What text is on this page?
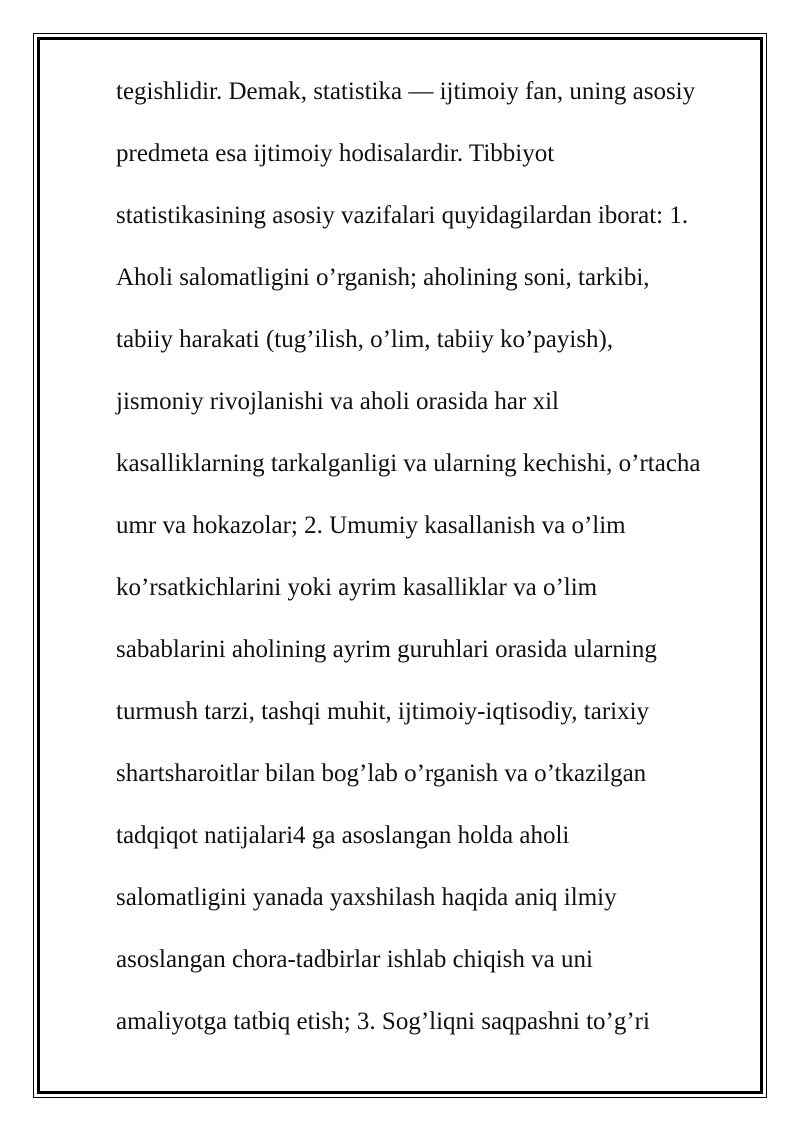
tegishlidir. Demak, statistika — ijtimoiy fan, uning asosiy
predmeta esa ijtimoiy hodisalardir. Tibbiyot
statistikasining asosiy vazifalari quyidagilardan iborat: 1.
Aholi salomatligini o’rganish; aholining soni, tarkibi,
tabiiy harakati (tug’ilish, o’lim, tabiiy ko’payish),
jismoniy rivojlanishi va aholi orasida har xil
kasalliklarning tarkalganligi va ularning kechishi, o’rtacha
umr va hokazolar; 2. Umumiy kasallanish va o’lim
ko’rsatkichlarini yoki ayrim kasalliklar va o’lim
sabablarini aholining ayrim guruhlari orasida ularning
turmush tarzi, tashqi muhit, ijtimoiy-iqtisodiy, tarixiy
shartsharoitlar bilan bog’lab o’rganish va o’tkazilgan
tadqiqot natijalari4 ga asoslangan holda aholi
salomatligini yanada yaxshilash haqida aniq ilmiy
asoslangan chora-tadbirlar ishlab chiqish va uni
amaliyotga tatbiq etish; 3. Sog’liqni saqpashni to’g’ri
